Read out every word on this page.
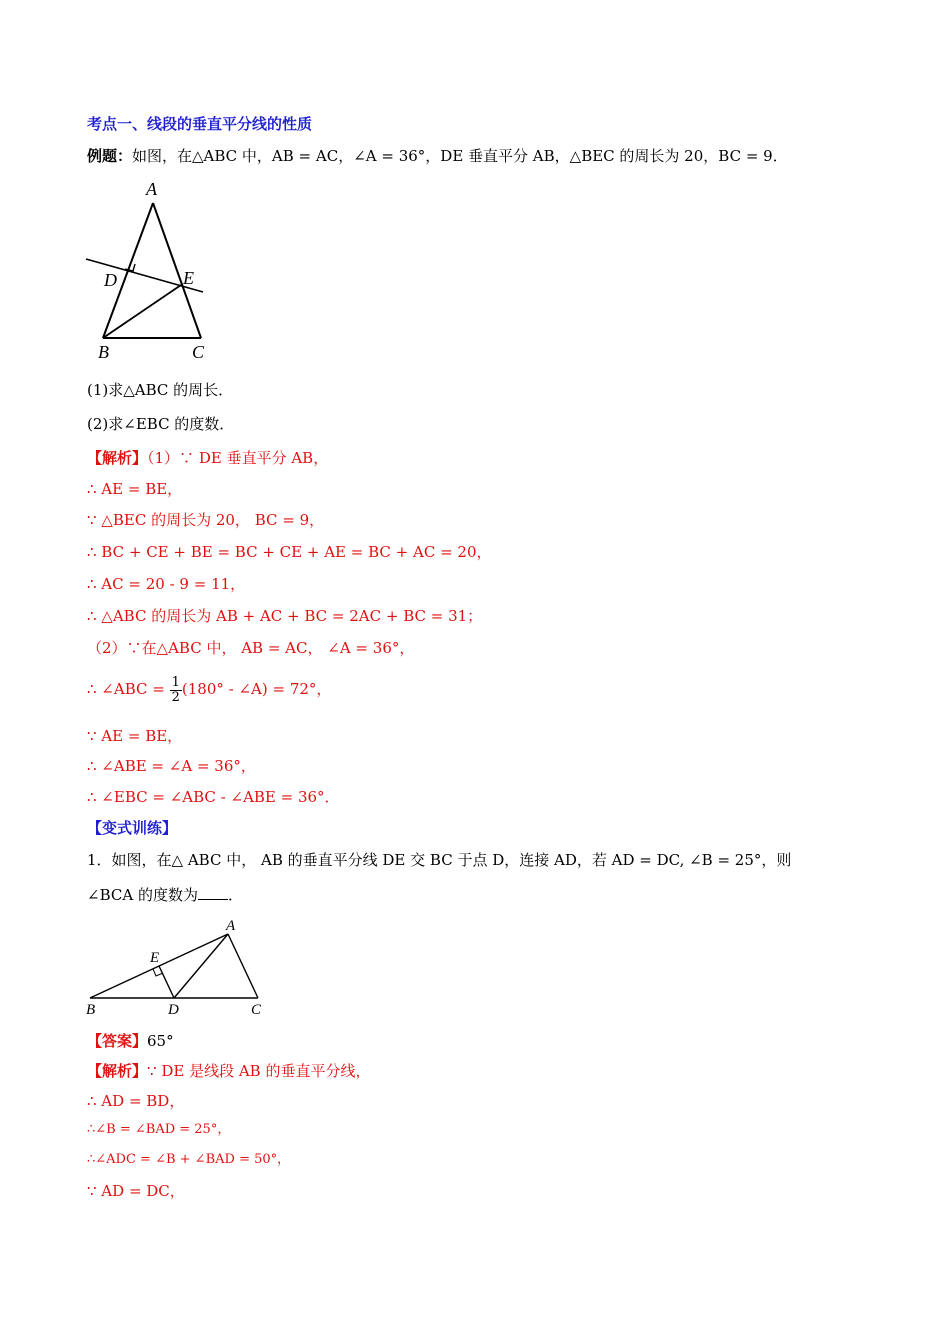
考点一、线段的垂直平分线的性质
例题：如图，在△ABC 中，AB = AC，∠A = 36°，DE 垂直平分 AB，△BEC 的周长为 20，BC = 9．
A
D	E
B	C
(1)求△ABC 的周长．
(2)求∠EBC 的度数．
【解析】（1）∵ DE 垂直平分 AB，
∴ AE = BE，
∵ △BEC 的周长为 20， BC = 9，
∴ BC + CE + BE = BC + CE + AE = BC + AC = 20，
∴ AC = 20 - 9 = 11，
∴ △ABC 的周长为 AB + AC + BC = 2AC + BC = 31；
（2）∵在△ABC 中， AB = AC， ∠A = 36°，
∴ ∠ABC = $\frac{1}{2} (180^\circ$ - ∠A) = 72°，
∵ AE = BE，
∴ ∠ABE = ∠A = 36°，
∴ ∠EBC = ∠ABC - ∠ABE = 36°．
【变式训练】
1．如图，在△ ABC 中， AB 的垂直平分线 DE 交 BC 于点 D，连接 AD，若 AD = DC, ∠B = 25°，则
∠BCA 的度数为 ．
A
E
B	D	C
【答案】65°
【解析】∵ DE 是线段 AB 的垂直平分线，
∴ AD = BD，
∴∠B = ∠BAD = 25°，
∴∠ADC = ∠B + ∠BAD = 50°，
∵ AD = DC，
